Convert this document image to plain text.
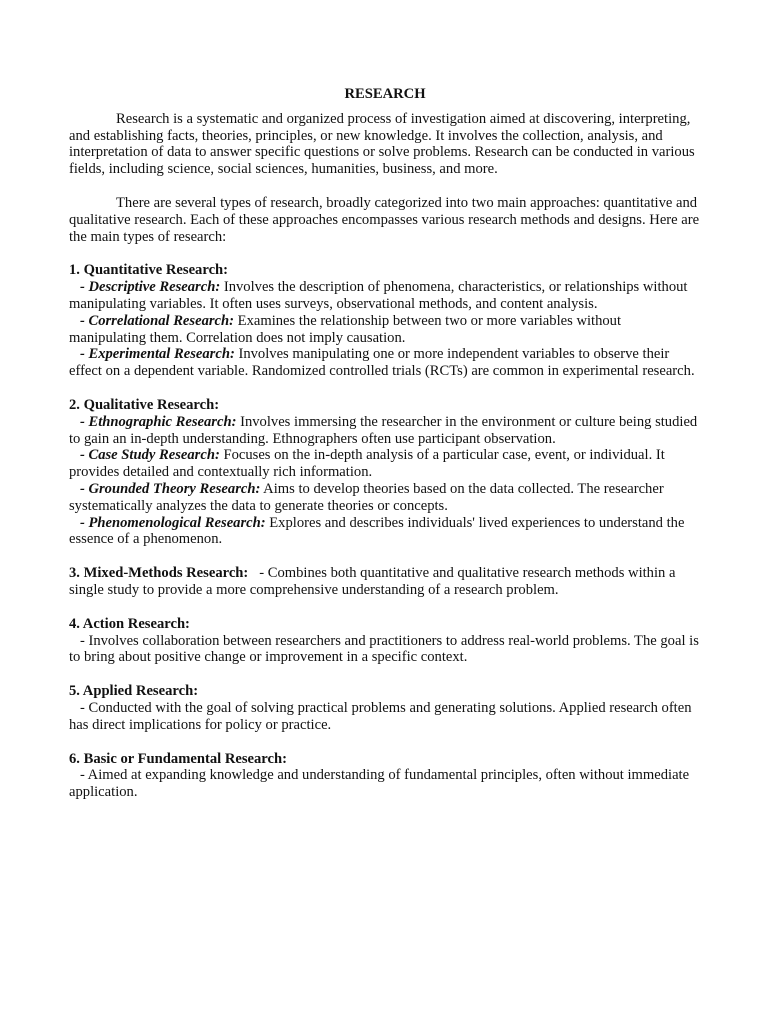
RESEARCH

Research is a systematic and organized process of investigation aimed at discovering, interpreting, and establishing facts, theories, principles, or new knowledge. It involves the collection, analysis, and interpretation of data to answer specific questions or solve problems. Research can be conducted in various fields, including science, social sciences, humanities, business, and more.

There are several types of research, broadly categorized into two main approaches: quantitative and qualitative research. Each of these approaches encompasses various research methods and designs. Here are the main types of research:

1. Quantitative Research:
- Descriptive Research: Involves the description of phenomena, characteristics, or relationships without manipulating variables. It often uses surveys, observational methods, and content analysis.
- Correlational Research: Examines the relationship between two or more variables without manipulating them. Correlation does not imply causation.
- Experimental Research: Involves manipulating one or more independent variables to observe their effect on a dependent variable. Randomized controlled trials (RCTs) are common in experimental research.
2. Qualitative Research:
- Ethnographic Research: Involves immersing the researcher in the environment or culture being studied to gain an in-depth understanding. Ethnographers often use participant observation.
- Case Study Research: Focuses on the in-depth analysis of a particular case, event, or individual. It provides detailed and contextually rich information.
- Grounded Theory Research: Aims to develop theories based on the data collected. The researcher systematically analyzes the data to generate theories or concepts.
- Phenomenological Research: Explores and describes individuals' lived experiences to understand the essence of a phenomenon.
3. Mixed-Methods Research:   - Combines both quantitative and qualitative research methods within a single study to provide a more comprehensive understanding of a research problem.
4. Action Research:
- Involves collaboration between researchers and practitioners to address real-world problems. The goal is to bring about positive change or improvement in a specific context.
5. Applied Research:
- Conducted with the goal of solving practical problems and generating solutions. Applied research often has direct implications for policy or practice.
6. Basic or Fundamental Research:
- Aimed at expanding knowledge and understanding of fundamental principles, often without immediate application.
